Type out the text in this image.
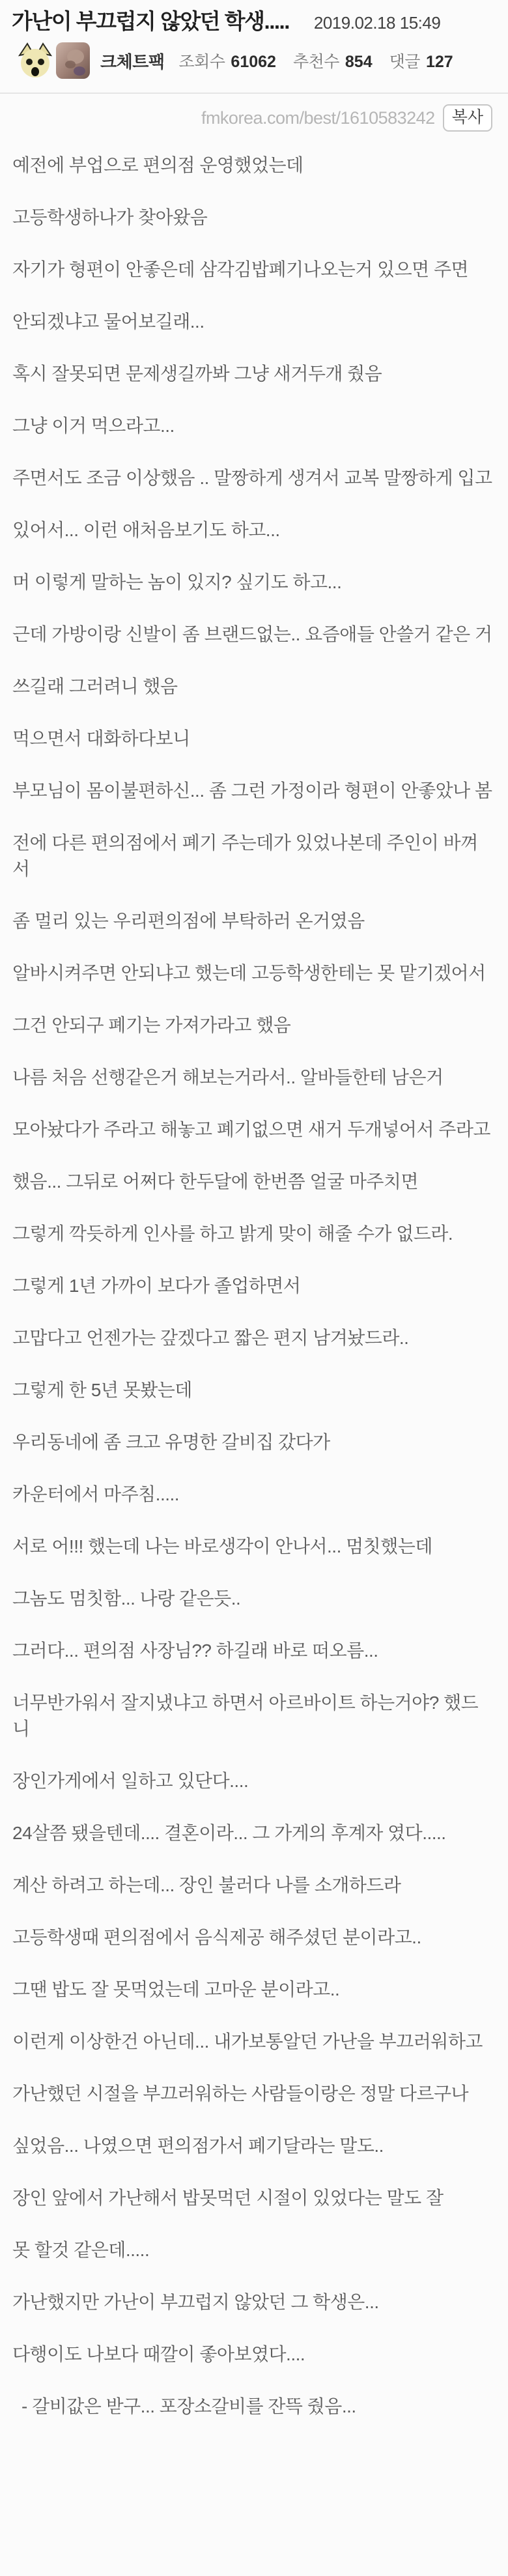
가난이 부끄럽지 않았던 학생..... 2019.02.18 15:49
크체트팩 조회수 61062 추천수 854 댓글 127
fmkorea.com/best/1610583242	복사

예전에 부업으로 편의점 운영했었는데

고등학생하나가 찾아왔음

자기가 형편이 안좋은데 삼각김밥폐기나오는거 있으면 주면

안되겠냐고 물어보길래...

혹시 잘못되면 문제생길까봐 그냥 새거두개 줬음

그냥 이거 먹으라고...

주면서도 조금 이상했음 .. 말짱하게 생겨서 교복 말짱하게 입고

있어서... 이런 애처음보기도 하고...

머 이렇게 말하는 놈이 있지? 싶기도 하고...

근데 가방이랑 신발이 좀 브랜드없는.. 요즘애들 안쓸거 같은 거

쓰길래 그러려니 했음

먹으면서 대화하다보니

부모님이 몸이불편하신... 좀 그런 가정이라 형편이 안좋았나 봄

전에 다른 편의점에서 폐기 주는데가 있었나본데 주인이 바껴서

좀 멀리 있는 우리편의점에 부탁하러 온거였음

알바시켜주면 안되냐고 했는데 고등학생한테는 못 맡기겠어서

그건 안되구 폐기는 가져가라고 했음

나름 처음 선행같은거 해보는거라서.. 알바들한테 남은거

모아놨다가 주라고 해놓고 폐기없으면 새거 두개넣어서 주라고

했음... 그뒤로 어쩌다 한두달에 한번쯤 얼굴 마주치면

그렇게 깍듯하게 인사를 하고 밝게 맞이 해줄 수가 없드라.

그렇게 1년 가까이 보다가 졸업하면서

고맙다고 언젠가는 갚겠다고 짧은 편지 남겨놨드라..

그렇게 한 5년 못봤는데

우리동네에 좀 크고 유명한 갈비집 갔다가

카운터에서 마주침.....

서로 어!!! 했는데 나는 바로생각이 안나서... 멈칫했는데

그놈도 멈칫함... 나랑 같은듯..

그러다... 편의점 사장님?? 하길래 바로 떠오름...

너무반가워서 잘지냈냐고 하면서 아르바이트 하는거야? 했드니

장인가게에서 일하고 있단다....

24살쯤 됐을텐데.... 결혼이라... 그 가게의 후계자 였다.....

계산 하려고 하는데... 장인 불러다 나를 소개하드라

고등학생때 편의점에서 음식제공 해주셨던 분이라고..

그땐 밥도 잘 못먹었는데 고마운 분이라고..

이런게 이상한건 아닌데... 내가보통알던 가난을 부끄러워하고

가난했던 시절을 부끄러워하는 사람들이랑은 정말 다르구나

싶었음... 나였으면 편의점가서 폐기달라는 말도..

장인 앞에서 가난해서 밥못먹던 시절이 있었다는 말도 잘

못 할것 같은데.....

가난했지만 가난이 부끄럽지 않았던 그 학생은...

다행이도 나보다 때깔이 좋아보였다....

- 갈비값은 받구... 포장소갈비를 잔뜩 줬음...
